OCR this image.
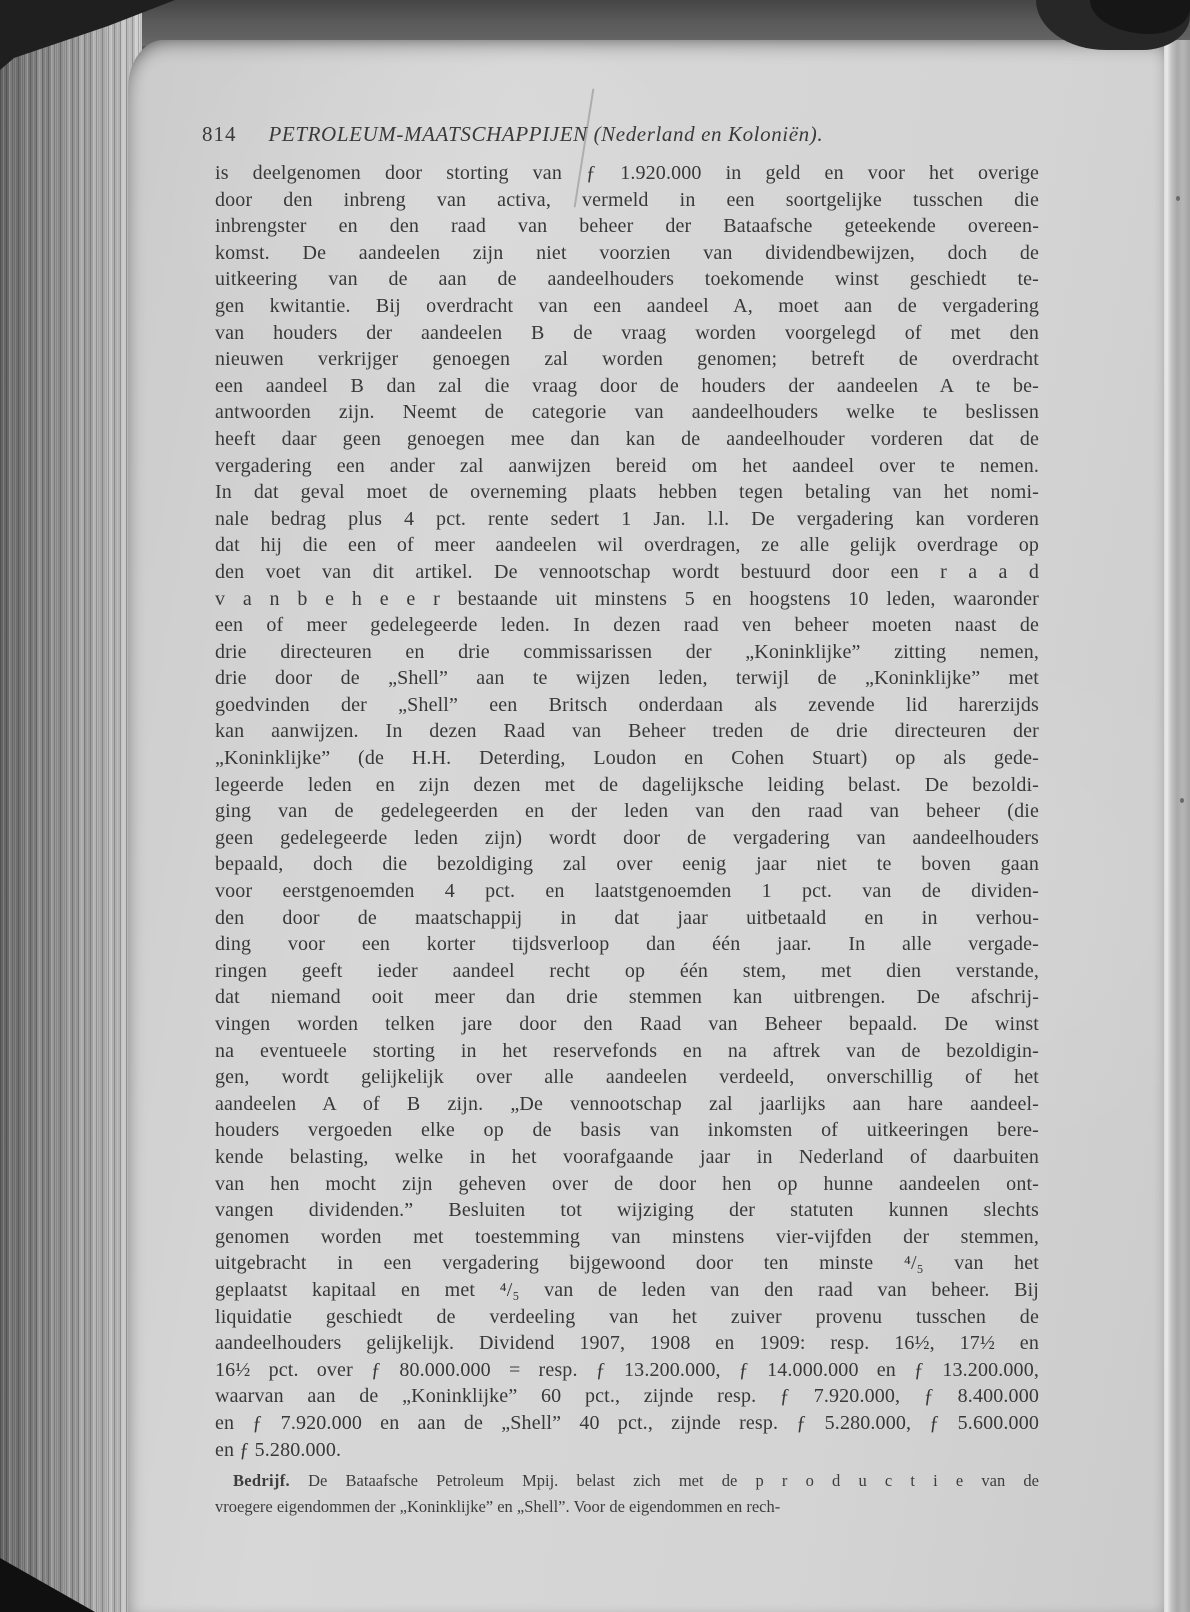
814 PETROLEUM-MAATSCHAPPIJEN (Nederland en Koloniën).
is deelgenomen door storting van ƒ 1.920.000 in geld en voor het overige
door den inbreng van activa, vermeld in een soortgelijke tusschen die
inbrengster en den raad van beheer der Bataafsche geteekende overeen-
komst. De aandeelen zijn niet voorzien van dividendbewijzen, doch de
uitkeering van de aan de aandeelhouders toekomende winst geschiedt te-
gen kwitantie. Bij overdracht van een aandeel A, moet aan de vergadering
van houders der aandeelen B de vraag worden voorgelegd of met den
nieuwen verkrijger genoegen zal worden genomen; betreft de overdracht
een aandeel B dan zal die vraag door de houders der aandeelen A te be-
antwoorden zijn. Neemt de categorie van aandeelhouders welke te beslissen
heeft daar geen genoegen mee dan kan de aandeelhouder vorderen dat de
vergadering een ander zal aanwijzen bereid om het aandeel over te nemen.
In dat geval moet de overneming plaats hebben tegen betaling van het nomi-
nale bedrag plus 4 pct. rente sedert 1 Jan. l.l. De vergadering kan vorderen
dat hij die een of meer aandeelen wil overdragen, ze alle gelijk overdrage op
den voet van dit artikel. De vennootschap wordt bestuurd door een r a a d
v a n b e h e e r bestaande uit minstens 5 en hoogstens 10 leden, waaronder
een of meer gedelegeerde leden. In dezen raad ven beheer moeten naast de
drie directeuren en drie commissarissen der „Koninklijke” zitting nemen,
drie door de „Shell” aan te wijzen leden, terwijl de „Koninklijke” met
goedvinden der „Shell” een Britsch onderdaan als zevende lid harerzijds
kan aanwijzen. In dezen Raad van Beheer treden de drie directeuren der
„Koninklijke” (de H.H. Deterding, Loudon en Cohen Stuart) op als gede-
legeerde leden en zijn dezen met de dagelijksche leiding belast. De bezoldi-
ging van de gedelegeerden en der leden van den raad van beheer (die
geen gedelegeerde leden zijn) wordt door de vergadering van aandeelhouders
bepaald, doch die bezoldiging zal over eenig jaar niet te boven gaan
voor eerstgenoemden 4 pct. en laatstgenoemden 1 pct. van de dividen-
den door de maatschappij in dat jaar uitbetaald en in verhou-
ding voor een korter tijdsverloop dan één jaar. In alle vergade-
ringen geeft ieder aandeel recht op één stem, met dien verstande,
dat niemand ooit meer dan drie stemmen kan uitbrengen. De afschrij-
vingen worden telken jare door den Raad van Beheer bepaald. De winst
na eventueele storting in het reservefonds en na aftrek van de bezoldigin-
gen, wordt gelijkelijk over alle aandeelen verdeeld, onverschillig of het
aandeelen A of B zijn. „De vennootschap zal jaarlijks aan hare aandeel-
houders vergoeden elke op de basis van inkomsten of uitkeeringen bere-
kende belasting, welke in het voorafgaande jaar in Nederland of daarbuiten
van hen mocht zijn geheven over de door hen op hunne aandeelen ont-
vangen dividenden.” Besluiten tot wijziging der statuten kunnen slechts
genomen worden met toestemming van minstens vier-vijfden der stemmen,
uitgebracht in een vergadering bijgewoond door ten minste ⁴/₅ van het
geplaatst kapitaal en met ⁴/₅ van de leden van den raad van beheer. Bij
liquidatie geschiedt de verdeeling van het zuiver provenu tusschen de
aandeelhouders gelijkelijk. Dividend 1907, 1908 en 1909: resp. 16½, 17½ en
16½ pct. over ƒ 80.000.000 = resp. ƒ 13.200.000, ƒ 14.000.000 en ƒ 13.200.000,
waarvan aan de „Koninklijke” 60 pct., zijnde resp. ƒ 7.920.000, ƒ 8.400.000
en ƒ 7.920.000 en aan de „Shell” 40 pct., zijnde resp. ƒ 5.280.000, ƒ 5.600.000
en ƒ 5.280.000.
Bedrijf. De Bataafsche Petroleum Mpij. belast zich met de p r o d u c t i e van de
vroegere eigendommen der „Koninklijke” en „Shell”. Voor de eigendommen en rech-
